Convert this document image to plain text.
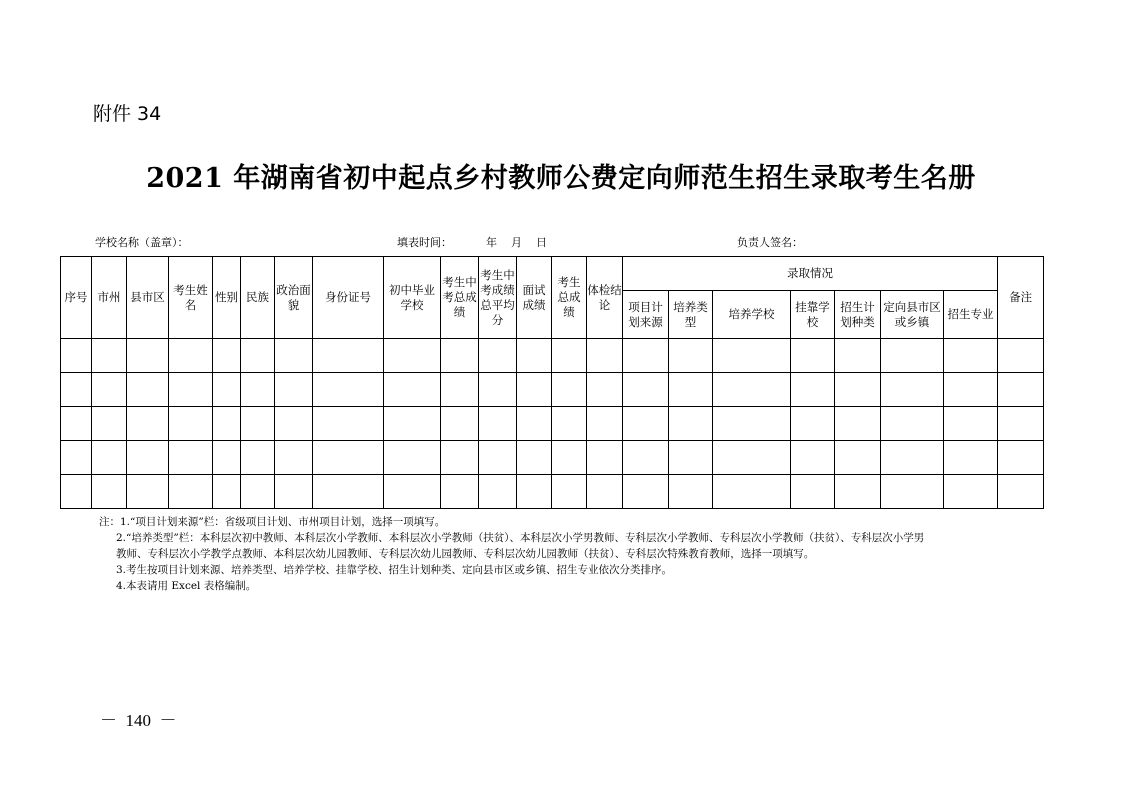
附件 34
2021 年湖南省初中起点乡村教师公费定向师范生招生录取考生名册
学校名称（盖章）：	填表时间：	年    月    日	负责人签名：
序号	市州	县市区	考生姓名	性别	民族	政治面貌	身份证号	初中毕业学校	考生中考总成绩	考生中考成绩总平均分	面试成绩	考生总成绩	体检结论	录取情况							备注
														项目计划来源	培养类型	培养学校	挂靠学校	招生计划种类	定向县市区或乡镇	招生专业	

注：1.“项目计划来源”栏：省级项目计划、市州项目计划，选择一项填写。

2.“培养类型”栏：本科层次初中教师、本科层次小学教师、本科层次小学教师（扶贫）、本科层次小学男教师、专科层次小学教师、专科层次小学教师（扶贫）、专科层次小学男

教师、专科层次小学教学点教师、本科层次幼儿园教师、专科层次幼儿园教师、专科层次幼儿园教师（扶贫）、专科层次特殊教育教师，选择一项填写。

3.考生按项目计划来源、培养类型、培养学校、挂靠学校、招生计划种类、定向县市区或乡镇、招生专业依次分类排序。

4.本表请用 Excel 表格编制。

－  140  －
